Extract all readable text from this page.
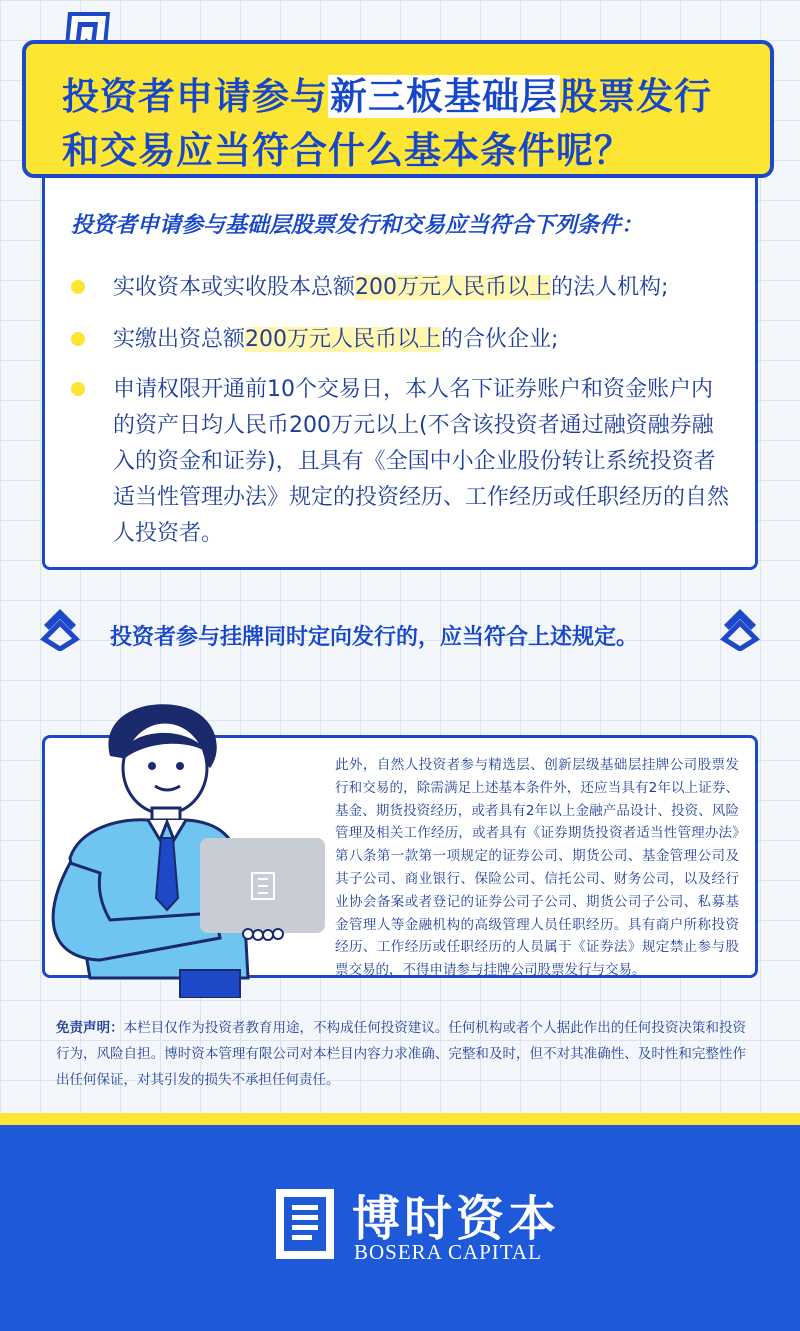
投资者申请参与新三板基础层股票发行
和交易应当符合什么基本条件呢？
投资者申请参与基础层股票发行和交易应当符合下列条件：
实收资本或实收股本总额200万元人民币以上的法人机构;
实缴出资总额200万元人民币以上的合伙企业;
申请权限开通前10个交易日，本人名下证券账户和资金账户内的资产日均人民币200万元以上(不含该投资者通过融资融券融入的资金和证券)，且具有《全国中小企业股份转让系统投资者适当性管理办法》规定的投资经历、工作经历或任职经历的自然人投资者。
投资者参与挂牌同时定向发行的，应当符合上述规定。
此外，自然人投资者参与精选层、创新层级基础层挂牌公司股票发行和交易的，除需满足上述基本条件外，还应当具有2年以上证券、基金、期货投资经历，或者具有2年以上金融产品设计、投资、风险管理及相关工作经历，或者具有《证券期货投资者适当性管理办法》第八条第一款第一项规定的证券公司、期货公司、基金管理公司及其子公司、商业银行、保险公司、信托公司、财务公司，以及经行业协会备案或者登记的证券公司子公司、期货公司子公司、私募基金管理人等金融机构的高级管理人员任职经历。具有商户所称投资经历、工作经历或任职经历的人员属于《证券法》规定禁止参与股票交易的，不得申请参与挂牌公司股票发行与交易。
免责声明：本栏目仅作为投资者教育用途，不构成任何投资建议。任何机构或者个人据此作出的任何投资决策和投资行为，风险自担。博时资本管理有限公司对本栏目内容力求准确、完整和及时，但不对其准确性、及时性和完整性作出任何保证，对其引发的损失不承担任何责任。
博时资本
BOSERA CAPITAL
